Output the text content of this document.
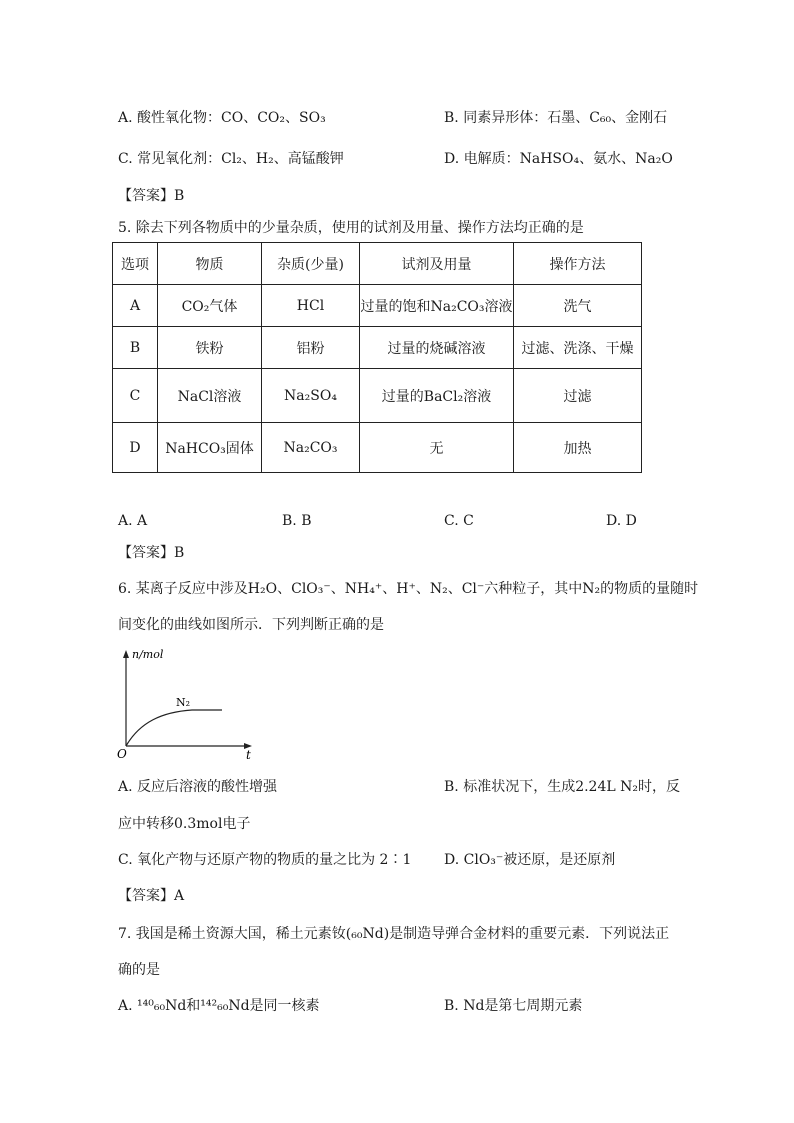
A. 酸性氧化物：CO、CO₂、SO₃	B. 同素异形体：石墨、C₆₀、金刚石
C. 常见氧化剂：Cl₂、H₂、高锰酸钾	D. 电解质：NaHSO₄、氨水、Na₂O
【答案】B
5. 除去下列各物质中的少量杂质，使用的试剂及用量、操作方法均正确的是
选项	物质	杂质(少量)	试剂及用量	操作方法
A	CO₂气体	HCl	过量的饱和Na₂CO₃溶液	洗气
B	铁粉	铝粉	过量的烧碱溶液	过滤、洗涤、干燥
C	NaCl溶液	Na₂SO₄	过量的BaCl₂溶液	过滤
D	NaHCO₃固体	Na₂CO₃	无	加热
A. A	B. B	C. C	D. D
【答案】B
6. 某离子反应中涉及H₂O、ClO₃⁻、NH₄⁺、H⁺、N₂、Cl⁻六种粒子，其中N₂的物质的量随时
间变化的曲线如图所示．下列判断正确的是
n/mol
t
O
N₂
A. 反应后溶液的酸性增强	B. 标准状况下，生成2.24L N₂时，反
应中转移0.3mol电子
C. 氧化产物与还原产物的物质的量之比为 2∶1 D. ClO₃⁻被还原，是还原剂
【答案】A
7. 我国是稀土资源大国，稀土元素钕(₆₀Nd)是制造导弹合金材料的重要元素．下列说法正
确的是
A. ¹⁴⁰₆₀Nd和¹⁴²₆₀Nd是同一核素	B. Nd是第七周期元素
